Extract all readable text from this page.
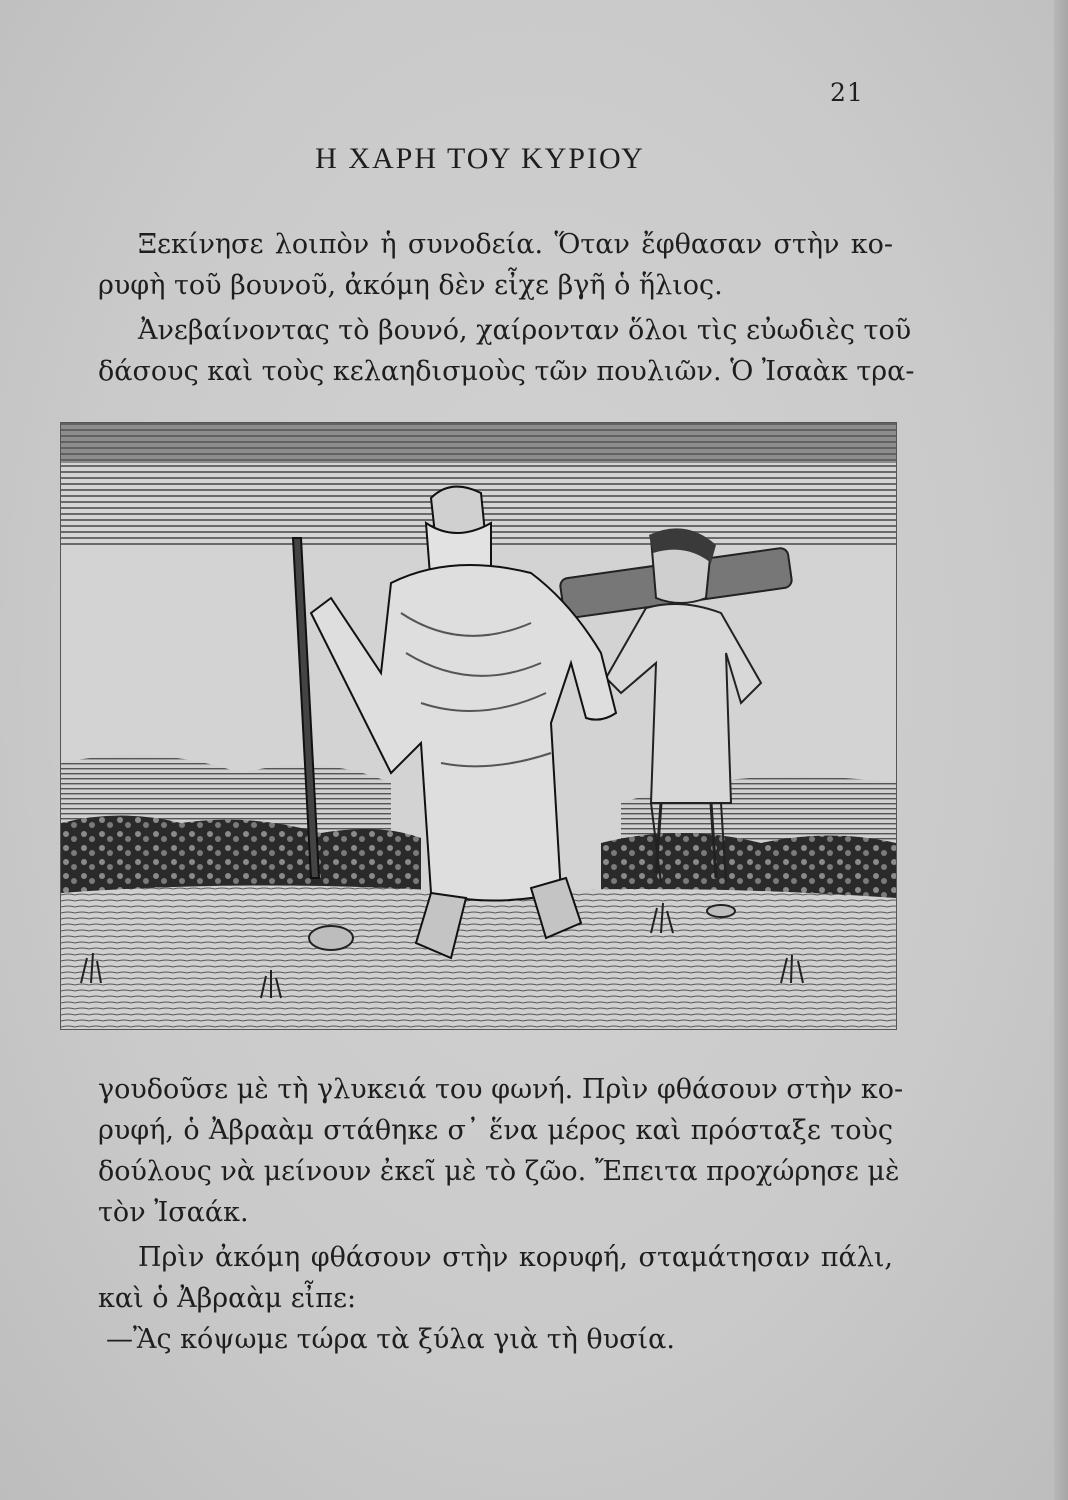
21
Η ΧΑΡΗ ΤΟΥ ΚΥΡΙΟΥ
Ξεκίνησε λοιπὸν ἡ συνοδεία. Ὅταν ἔφθασαν στὴν κο-
ρυφὴ τοῦ βουνοῦ, ἀκόμη δὲν εἶχε βγῆ ὁ ἥλιος.
Ἀνεβαίνοντας τὸ βουνό, χαίρονταν ὅλοι τὶς εὐωδιὲς τοῦ
δάσους καὶ τοὺς κελαηδισμοὺς τῶν πουλιῶν. Ὁ Ἰσαὰκ τρα-
γουδοῦσε μὲ τὴ γλυκειά του φωνή. Πρὶν φθάσουν στὴν κο-
ρυφή, ὁ Ἀβραὰμ στάθηκε σ᾽ ἕνα μέρος καὶ πρόσταξε τοὺς
δούλους νὰ μείνουν ἐκεῖ μὲ τὸ ζῶο. Ἔπειτα προχώρησε μὲ
τὸν Ἰσαάκ.
Πρὶν ἀκόμη φθάσουν στὴν κορυφή, σταμάτησαν πάλι,
καὶ ὁ Ἀβραὰμ εἶπε:
—Ἂς κόψωμε τώρα τὰ ξύλα γιὰ τὴ θυσία.
